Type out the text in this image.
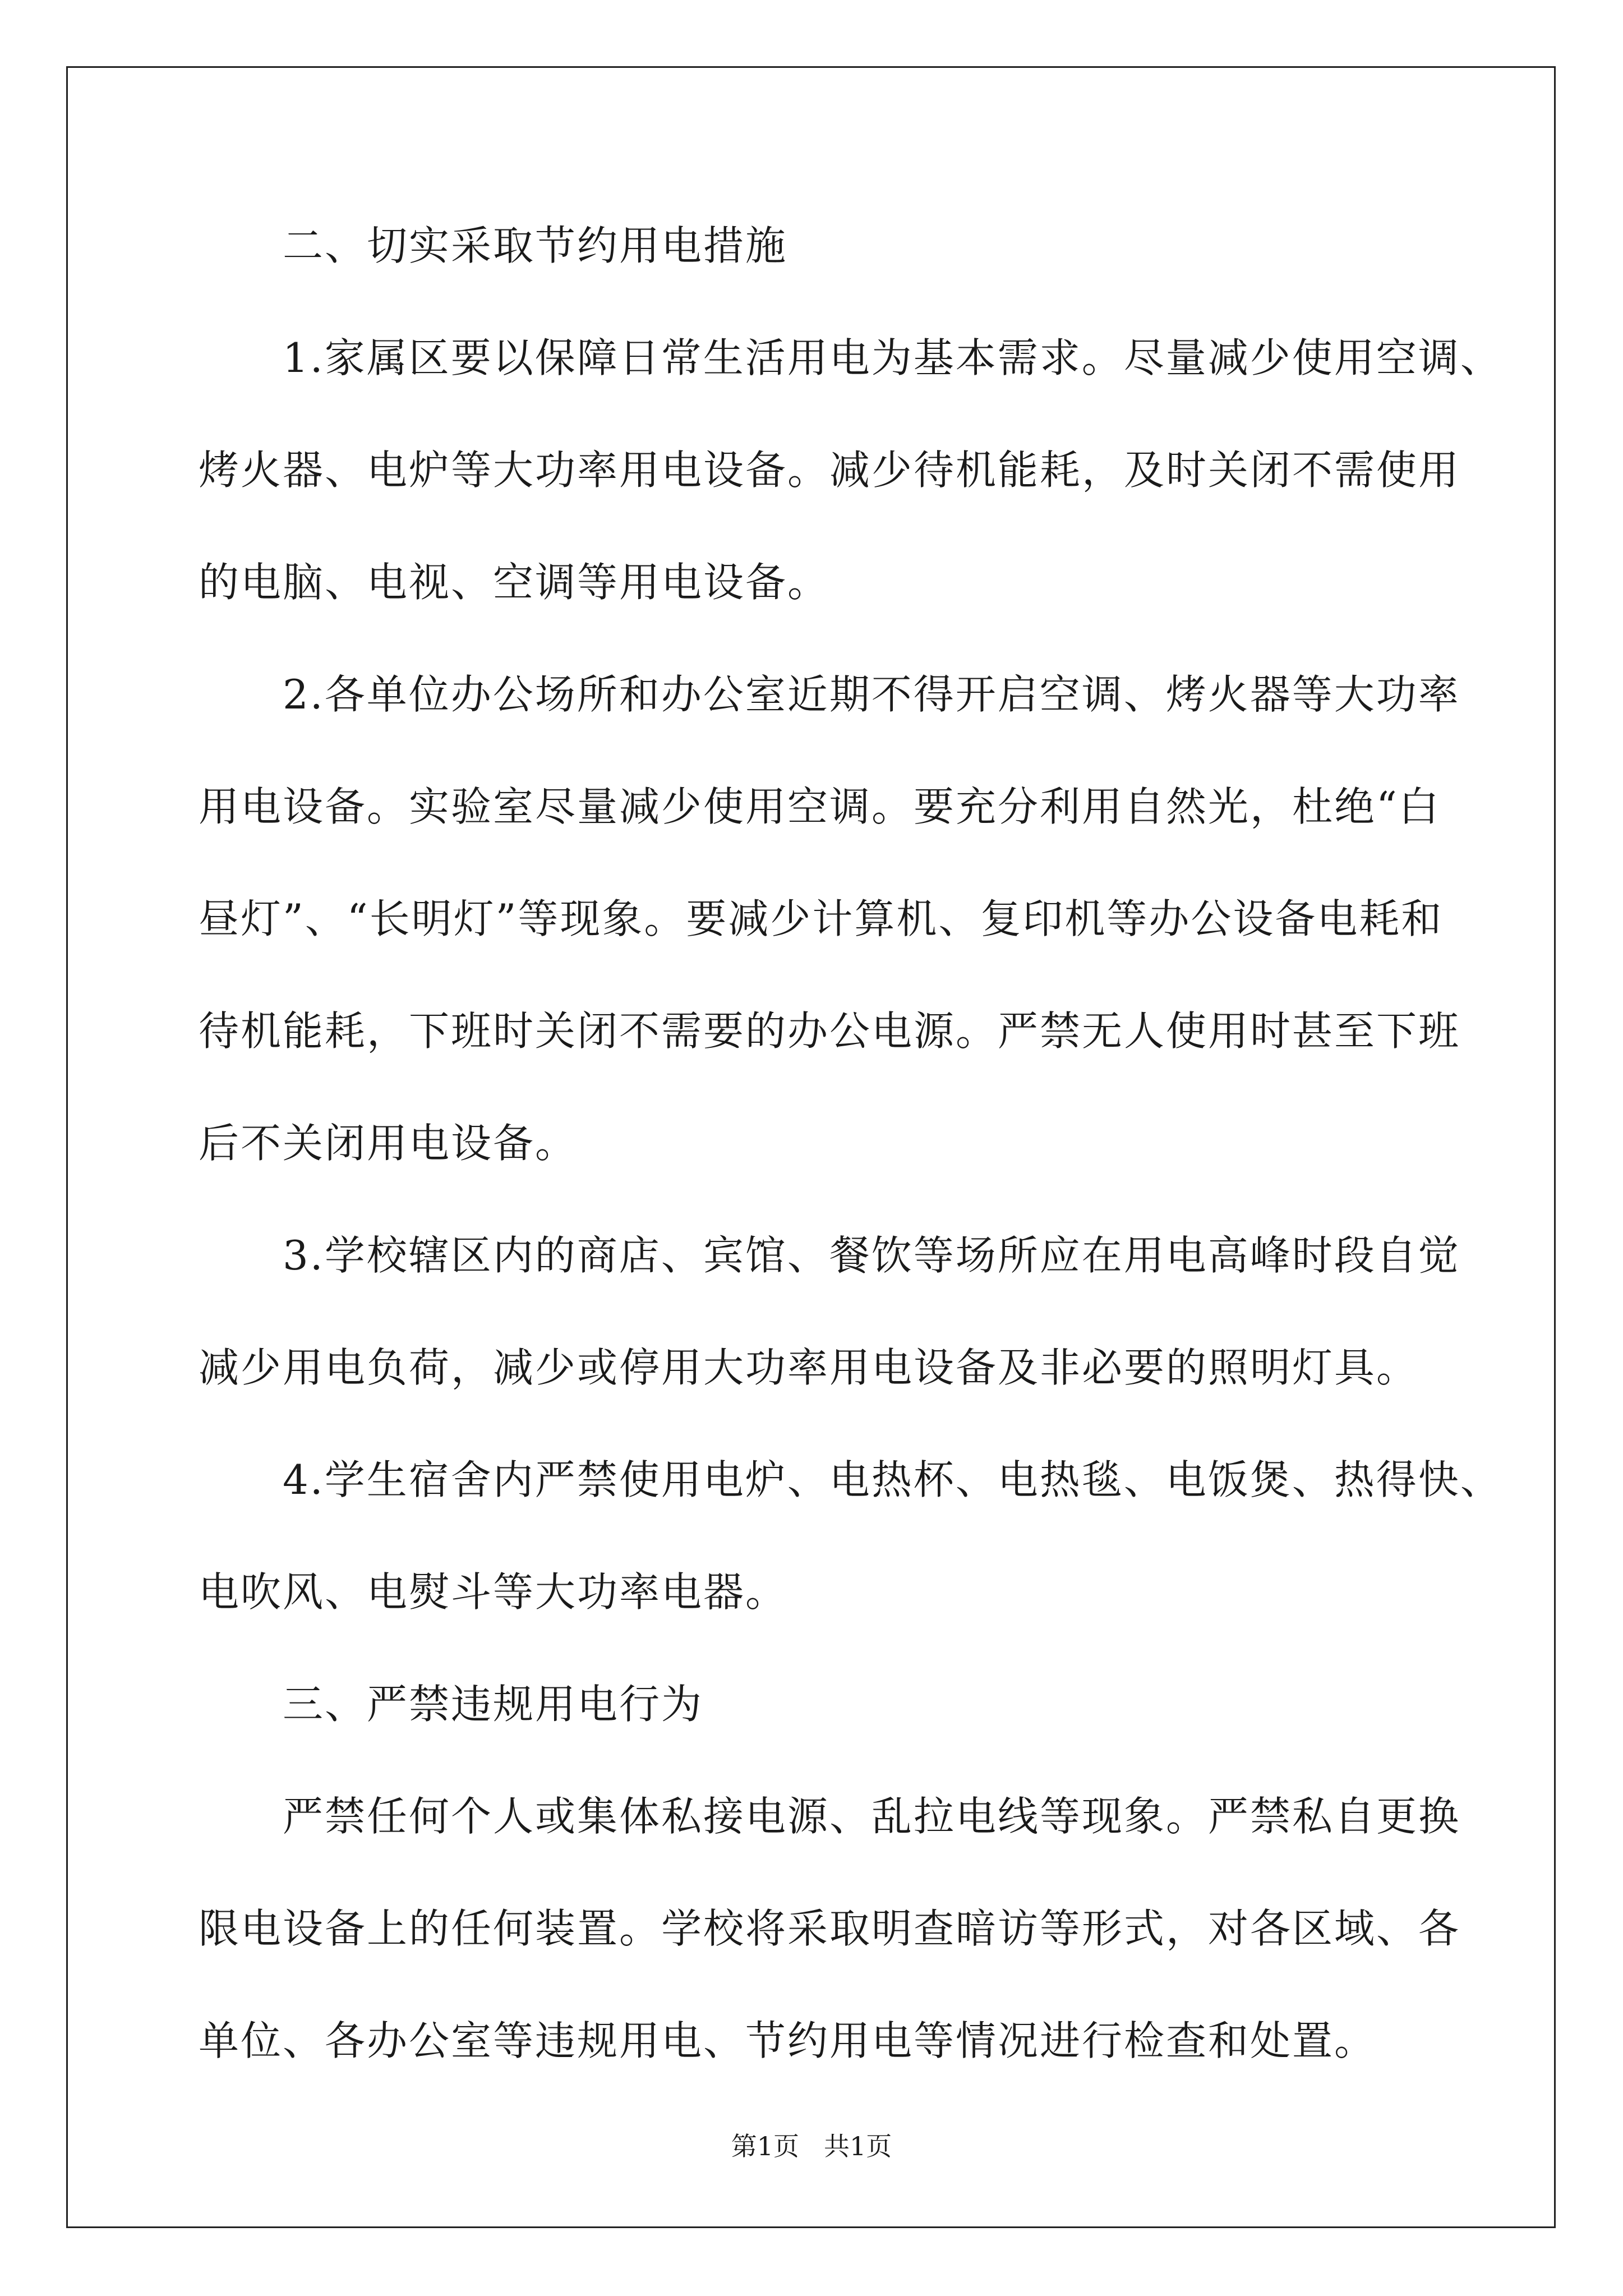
　　二、切实采取节约用电措施
　　1.家属区要以保障日常生活用电为基本需求。尽量减少使用空调、
烤火器、电炉等大功率用电设备。减少待机能耗，及时关闭不需使用
的电脑、电视、空调等用电设备。
　　2.各单位办公场所和办公室近期不得开启空调、烤火器等大功率
用电设备。实验室尽量减少使用空调。要充分利用自然光，杜绝“白
昼灯”、“长明灯”等现象。要减少计算机、复印机等办公设备电耗和
待机能耗，下班时关闭不需要的办公电源。严禁无人使用时甚至下班
后不关闭用电设备。
　　3.学校辖区内的商店、宾馆、餐饮等场所应在用电高峰时段自觉
减少用电负荷，减少或停用大功率用电设备及非必要的照明灯具。
　　4.学生宿舍内严禁使用电炉、电热杯、电热毯、电饭煲、热得快、
电吹风、电熨斗等大功率电器。
　　三、严禁违规用电行为
　　严禁任何个人或集体私接电源、乱拉电线等现象。严禁私自更换
限电设备上的任何装置。学校将采取明查暗访等形式，对各区域、各
单位、各办公室等违规用电、节约用电等情况进行检查和处置。
第1页 共1页
